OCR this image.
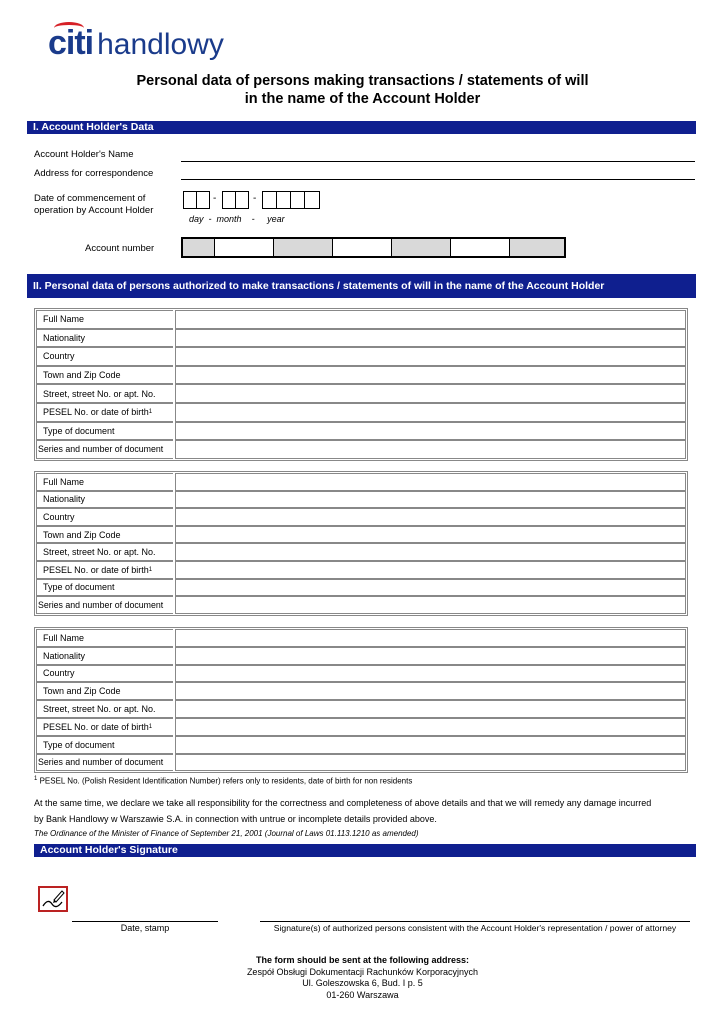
citi handlowy
Personal data of persons making transactions / statements of will
in the name of the Account Holder
I. Account Holder's Data
Account Holder's Name
Address for correspondence
Date of commencement of
operation by Account Holder
-	-
day - month - year
Account number
II. Personal data of persons authorized to make transactions / statements of will in the name of the Account Holder
Full Name
Nationality
Country
Town and Zip Code
Street, street No. or apt. No.
PESEL No. or date of birth 1
Type of document
Series and number of document
Full Name
Nationality
Country
Town and Zip Code
Street, street No. or apt. No.
PESEL No. or date of birth 1
Type of document
Series and number of document
Full Name
Nationality
Country
Town and Zip Code
Street, street No. or apt. No.
PESEL No. or date of birth 1
Type of document
Series and number of document
$^1$ PESEL No. (Polish Resident Identification Number) refers only to residents, date of birth for non residents
At the same time, we declare we take all responsibility for the correctness and completeness of above details and that we will remedy any damage incurred
by Bank Handlowy w Warszawie S.A. in connection with untrue or incomplete details provided above.
The Ordinance of the Minister of Finance of September 21, 2001 (Journal of Laws 01.113.1210 as amended)
Account Holder's Signature
Date, stamp	Signature(s) of authorized persons consistent with the Account Holder's representation / power of attorney
The form should be sent at the following address:
Zespół Obsługi Dokumentacji Rachunków Korporacyjnych
Ul. Goleszowska 6, Bud. I p. 5
01-260 Warszawa
